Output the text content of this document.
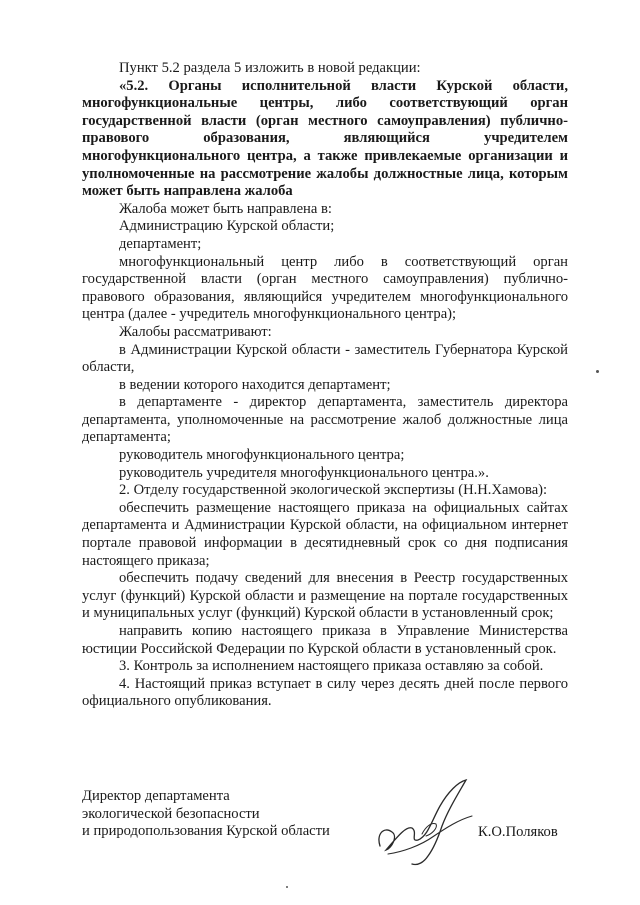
Пункт 5.2 раздела 5 изложить в новой редакции:

«5.2. Органы исполнительной власти Курской области, многофункциональные центры, либо соответствующий орган государственной власти (орган местного самоуправления) публично-правового образования, являющийся учредителем многофункционального центра, а также привлекаемые организации и уполномоченные на рассмотрение жалобы должностные лица, которым может быть направлена жалоба

Жалоба может быть направлена в:

Администрацию Курской области;

департамент;

многофункциональный центр либо в соответствующий орган государственной власти (орган местного самоуправления) публично-правового образования, являющийся учредителем многофункционального центра (далее - учредитель многофункционального центра);

Жалобы рассматривают:

в Администрации Курской области - заместитель Губернатора Курской области,

в ведении которого находится департамент;

в департаменте - директор департамента, заместитель директора департамента, уполномоченные на рассмотрение жалоб должностные лица департамента;

руководитель многофункционального центра;

руководитель учредителя многофункционального центра.».

2. Отделу государственной экологической экспертизы (Н.Н.Хамова):

обеспечить размещение настоящего приказа на официальных сайтах департамента и Администрации Курской области, на официальном интернет портале правовой информации в десятидневный срок со дня подписания настоящего приказа;

обеспечить подачу сведений для внесения в Реестр государственных услуг (функций) Курской области и размещение на портале государственных и муниципальных услуг (функций) Курской области в установленный срок;

направить копию настоящего приказа в Управление Министерства юстиции Российской Федерации по Курской области в установленный срок.

3. Контроль за исполнением настоящего приказа оставляю за собой.

4. Настоящий приказ вступает в силу через десять дней после первого официального опубликования.

Директор департамента
экологической безопасности
и природопользования Курской области	К.О.Поляков
